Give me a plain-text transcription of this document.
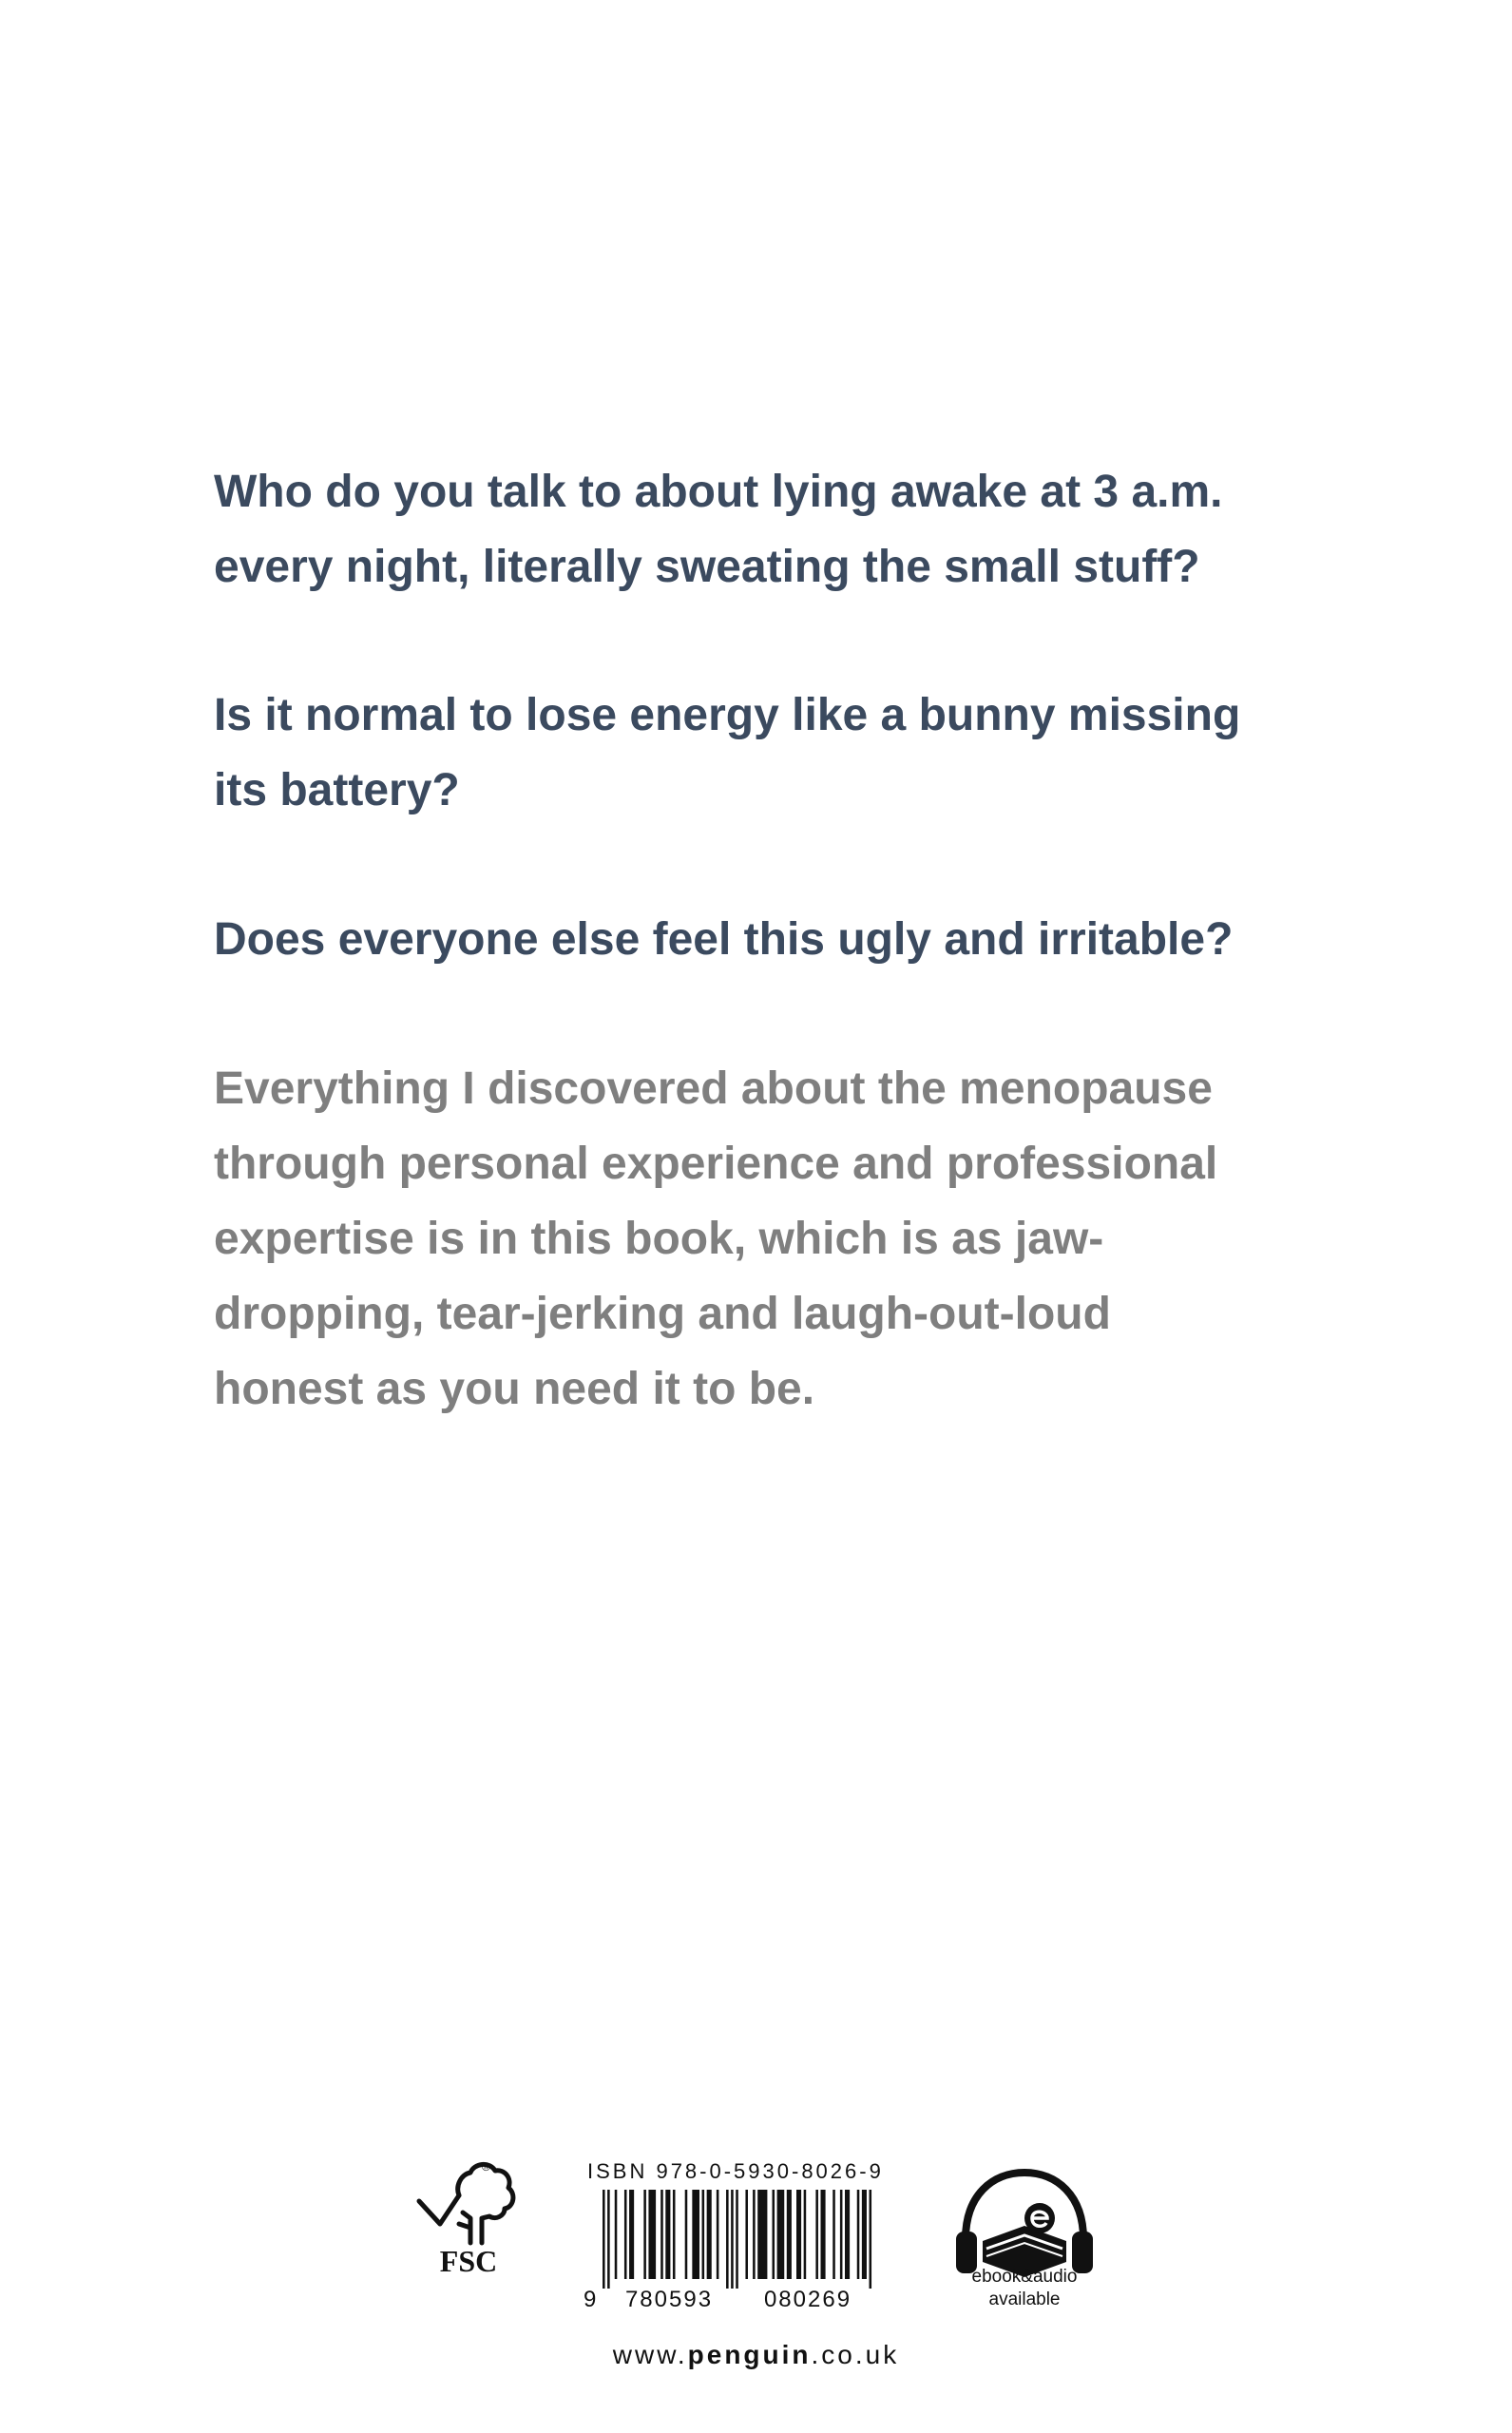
Who do you talk to about lying awake at 3 a.m.
every night, literally sweating the small stuff?
Is it normal to lose energy like a bunny missing
its battery?
Does everyone else feel this ugly and irritable?
Everything I discovered about the menopause
through personal experience and professional
expertise is in this book, which is as jaw-
dropping, tear-jerking and laugh-out-loud
honest as you need it to be.
®
FSC
ISBN 978-0-5930-8026-9
9 780593 080269
ebook&audio
available
www.penguin.co.uk
